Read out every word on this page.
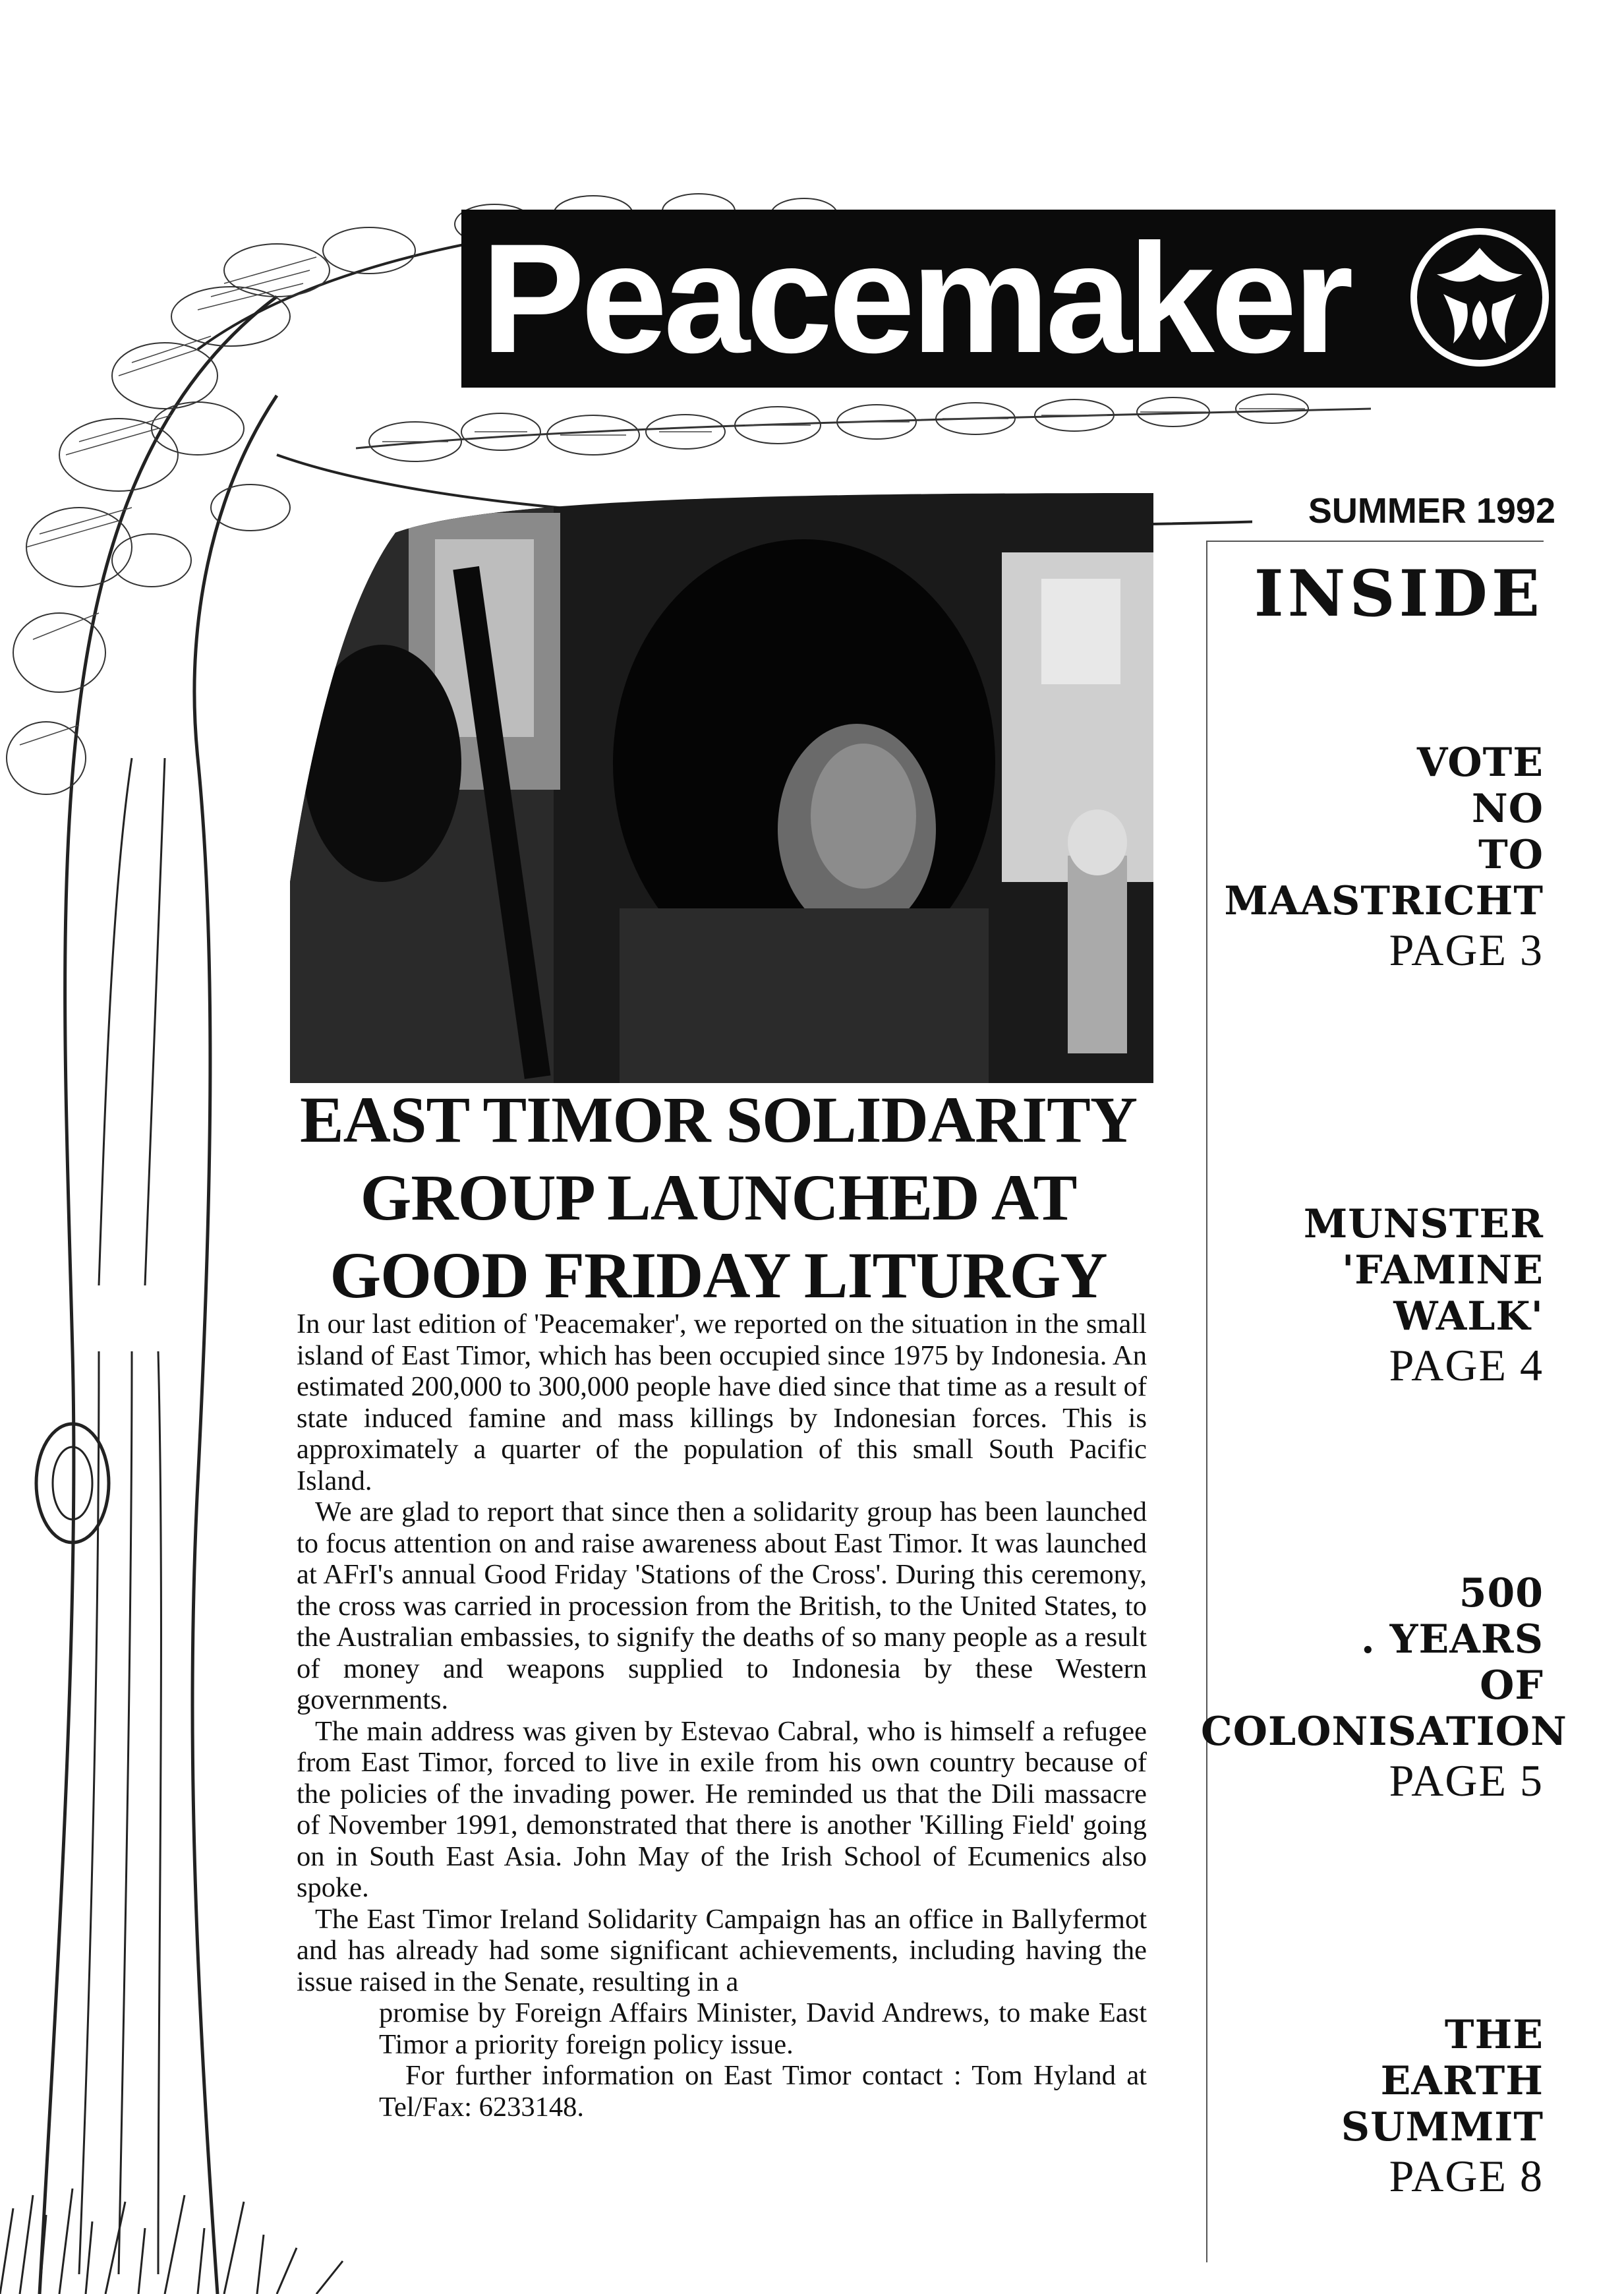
Peacemaker
SUMMER 1992
EAST TIMOR SOLIDARITY
GROUP LAUNCHED AT
GOOD FRIDAY LITURGY

In our last edition of 'Peacemaker', we reported on the situation in the small island of East Timor, which has been occupied since 1975 by Indonesia. An estimated 200,000 to 300,000 people have died since that time as a result of state induced famine and mass killings by Indonesian forces. This is approximately a quarter of the population of this small South Pacific Island.

We are glad to report that since then a solidarity group has been launched to focus attention on and raise awareness about East Timor. It was launched at AFrI's annual Good Friday 'Stations of the Cross'. During this ceremony, the cross was carried in procession from the British, to the United States, to the Australian embassies, to signify the deaths of so many people as a result of money and weapons supplied to Indonesia by these Western governments.

The main address was given by Estevao Cabral, who is himself a refugee from East Timor, forced to live in exile from his own country because of the policies of the invading power. He reminded us that the Dili massacre of November 1991, demonstrated that there is another 'Killing Field' going on in South East Asia. John May of the Irish School of Ecumenics also spoke.

The East Timor Ireland Solidarity Campaign has an office in Ballyfermot and has already had some significant achievements, including having the issue raised in the Senate, resulting in a

promise by Foreign Affairs Minister, David Andrews, to make East Timor a priority foreign policy issue.

For further information on East Timor contact : Tom Hyland at Tel/Fax: 6233148.

INSIDE
VOTE
NO
TO
MAASTRICHT
PAGE 3
MUNSTER
'FAMINE
WALK'
PAGE 4
500
. YEARS
OF
COLONISATION
PAGE 5
THE
EARTH
SUMMIT
PAGE 8
